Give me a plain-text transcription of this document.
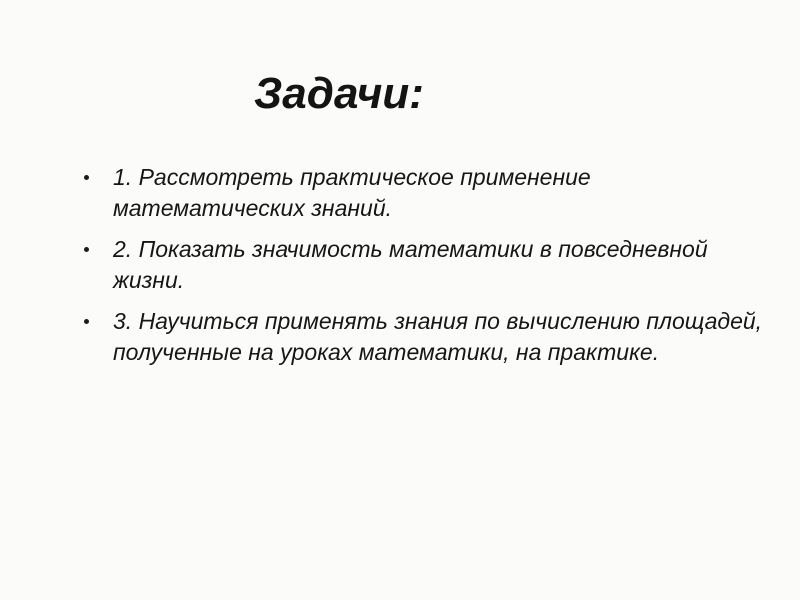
Задачи:
1. Рассмотреть практическое применение математических знаний.
2. Показать значимость математики в повседневной жизни.
3. Научиться применять знания по вычислению площадей, полученные на уроках математики, на практике.
